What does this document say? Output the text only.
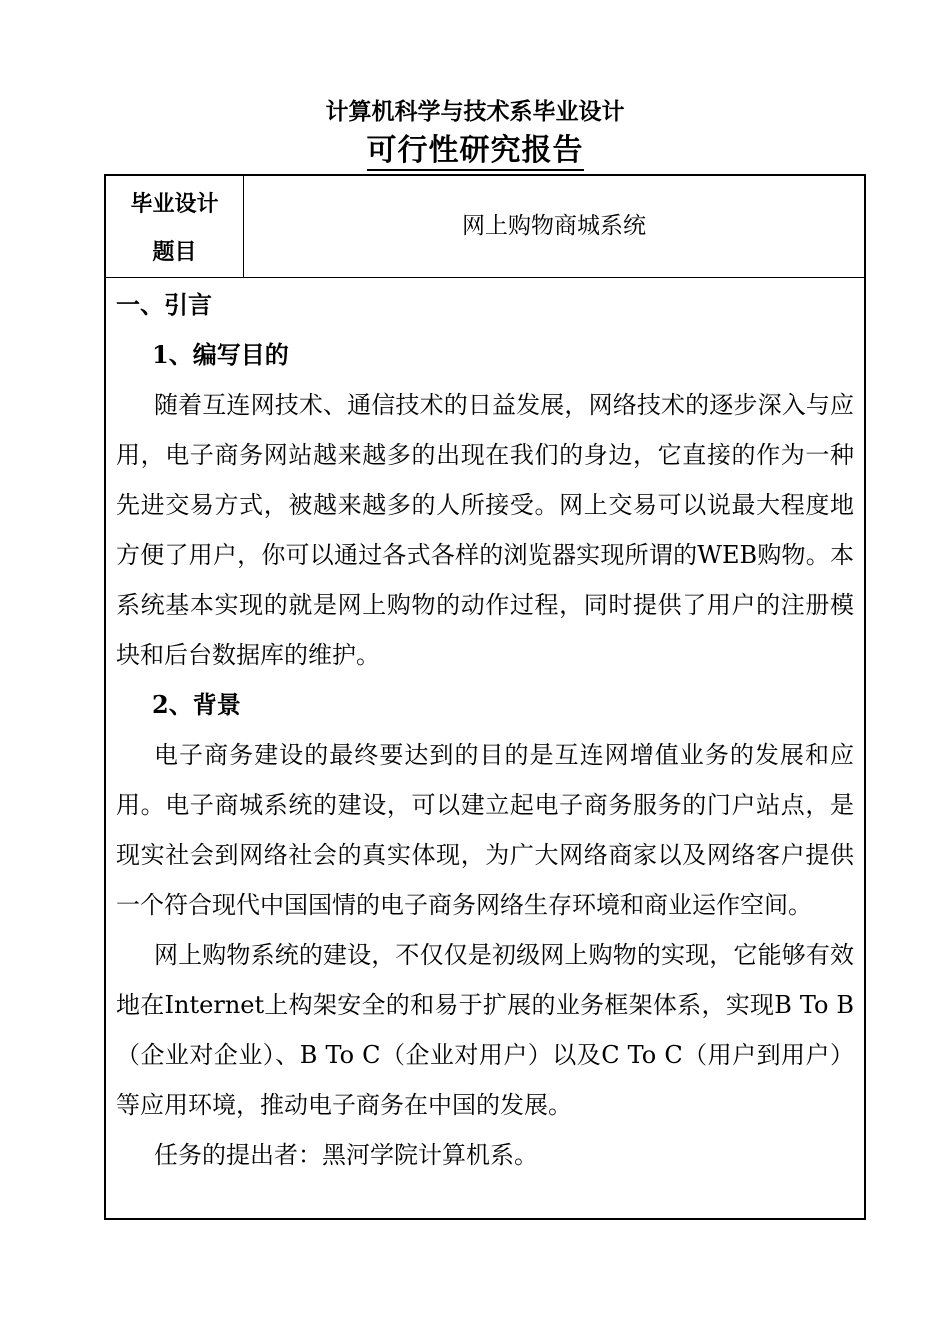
计算机科学与技术系毕业设计
可行性研究报告
毕业设计
题目
网上购物商城系统
一、引言
1、编写目的

随着互连网技术、通信技术的日益发展，网络技术的逐步深入与应用，电子商务网站越来越多的出现在我们的身边，它直接的作为一种先进交易方式，被越来越多的人所接受。网上交易可以说最大程度地方便了用户，你可以通过各式各样的浏览器实现所谓的WEB购物。本系统基本实现的就是网上购物的动作过程，同时提供了用户的注册模块和后台数据库的维护。

2、背景

电子商务建设的最终要达到的目的是互连网增值业务的发展和应用。电子商城系统的建设，可以建立起电子商务服务的门户站点，是现实社会到网络社会的真实体现，为广大网络商家以及网络客户提供一个符合现代中国国情的电子商务网络生存环境和商业运作空间。

网上购物系统的建设，不仅仅是初级网上购物的实现，它能够有效地在Internet上构架安全的和易于扩展的业务框架体系，实现B To B（企业对企业）、B To C（企业对用户）以及C To C（用户到用户）等应用环境，推动电子商务在中国的发展。

任务的提出者：黑河学院计算机系。
